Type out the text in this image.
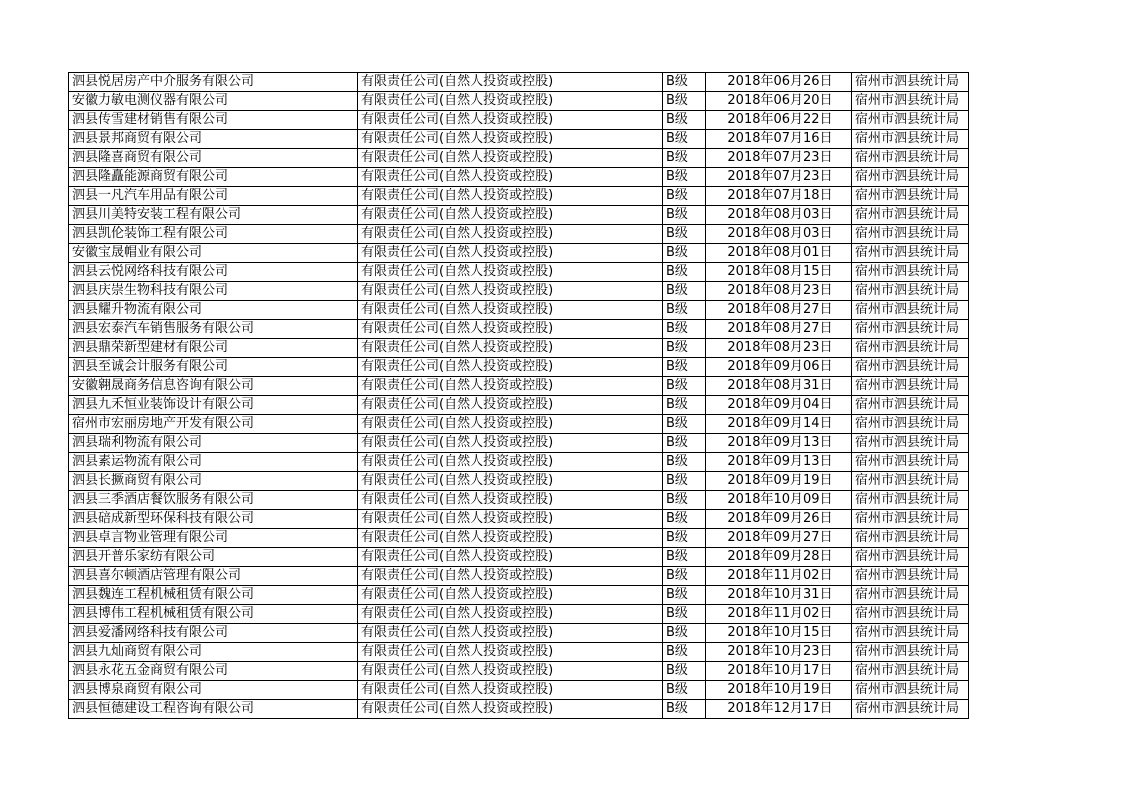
泗县悦居房产中介服务有限公司	有限责任公司(自然人投资或控股)	B级	2018年06月26日	宿州市泗县统计局
安徽力敏电测仪器有限公司	有限责任公司(自然人投资或控股)	B级	2018年06月20日	宿州市泗县统计局
泗县传雪建材销售有限公司	有限责任公司(自然人投资或控股)	B级	2018年06月22日	宿州市泗县统计局
泗县景邦商贸有限公司	有限责任公司(自然人投资或控股)	B级	2018年07月16日	宿州市泗县统计局
泗县隆喜商贸有限公司	有限责任公司(自然人投资或控股)	B级	2018年07月23日	宿州市泗县统计局
泗县隆矗能源商贸有限公司	有限责任公司(自然人投资或控股)	B级	2018年07月23日	宿州市泗县统计局
泗县一凡汽车用品有限公司	有限责任公司(自然人投资或控股)	B级	2018年07月18日	宿州市泗县统计局
泗县川美特安装工程有限公司	有限责任公司(自然人投资或控股)	B级	2018年08月03日	宿州市泗县统计局
泗县凯伦装饰工程有限公司	有限责任公司(自然人投资或控股)	B级	2018年08月03日	宿州市泗县统计局
安徽宝晟帽业有限公司	有限责任公司(自然人投资或控股)	B级	2018年08月01日	宿州市泗县统计局
泗县云悦网络科技有限公司	有限责任公司(自然人投资或控股)	B级	2018年08月15日	宿州市泗县统计局
泗县庆崇生物科技有限公司	有限责任公司(自然人投资或控股)	B级	2018年08月23日	宿州市泗县统计局
泗县耀升物流有限公司	有限责任公司(自然人投资或控股)	B级	2018年08月27日	宿州市泗县统计局
泗县宏泰汽车销售服务有限公司	有限责任公司(自然人投资或控股)	B级	2018年08月27日	宿州市泗县统计局
泗县鼎荣新型建材有限公司	有限责任公司(自然人投资或控股)	B级	2018年08月23日	宿州市泗县统计局
泗县至诚会计服务有限公司	有限责任公司(自然人投资或控股)	B级	2018年09月06日	宿州市泗县统计局
安徽翱晟商务信息咨询有限公司	有限责任公司(自然人投资或控股)	B级	2018年08月31日	宿州市泗县统计局
泗县九禾恒业装饰设计有限公司	有限责任公司(自然人投资或控股)	B级	2018年09月04日	宿州市泗县统计局
宿州市宏丽房地产开发有限公司	有限责任公司(自然人投资或控股)	B级	2018年09月14日	宿州市泗县统计局
泗县瑞利物流有限公司	有限责任公司(自然人投资或控股)	B级	2018年09月13日	宿州市泗县统计局
泗县素运物流有限公司	有限责任公司(自然人投资或控股)	B级	2018年09月13日	宿州市泗县统计局
泗县长撅商贸有限公司	有限责任公司(自然人投资或控股)	B级	2018年09月19日	宿州市泗县统计局
泗县三季酒店餐饮服务有限公司	有限责任公司(自然人投资或控股)	B级	2018年10月09日	宿州市泗县统计局
泗县碚成新型环保科技有限公司	有限责任公司(自然人投资或控股)	B级	2018年09月26日	宿州市泗县统计局
泗县卓言物业管理有限公司	有限责任公司(自然人投资或控股)	B级	2018年09月27日	宿州市泗县统计局
泗县开普乐家纺有限公司	有限责任公司(自然人投资或控股)	B级	2018年09月28日	宿州市泗县统计局
泗县喜尔顿酒店管理有限公司	有限责任公司(自然人投资或控股)	B级	2018年11月02日	宿州市泗县统计局
泗县魏连工程机械租赁有限公司	有限责任公司(自然人投资或控股)	B级	2018年10月31日	宿州市泗县统计局
泗县博伟工程机械租赁有限公司	有限责任公司(自然人投资或控股)	B级	2018年11月02日	宿州市泗县统计局
泗县爱潘网络科技有限公司	有限责任公司(自然人投资或控股)	B级	2018年10月15日	宿州市泗县统计局
泗县九灿商贸有限公司	有限责任公司(自然人投资或控股)	B级	2018年10月23日	宿州市泗县统计局
泗县永花五金商贸有限公司	有限责任公司(自然人投资或控股)	B级	2018年10月17日	宿州市泗县统计局
泗县博泉商贸有限公司	有限责任公司(自然人投资或控股)	B级	2018年10月19日	宿州市泗县统计局
泗县恒德建设工程咨询有限公司	有限责任公司(自然人投资或控股)	B级	2018年12月17日	宿州市泗县统计局
